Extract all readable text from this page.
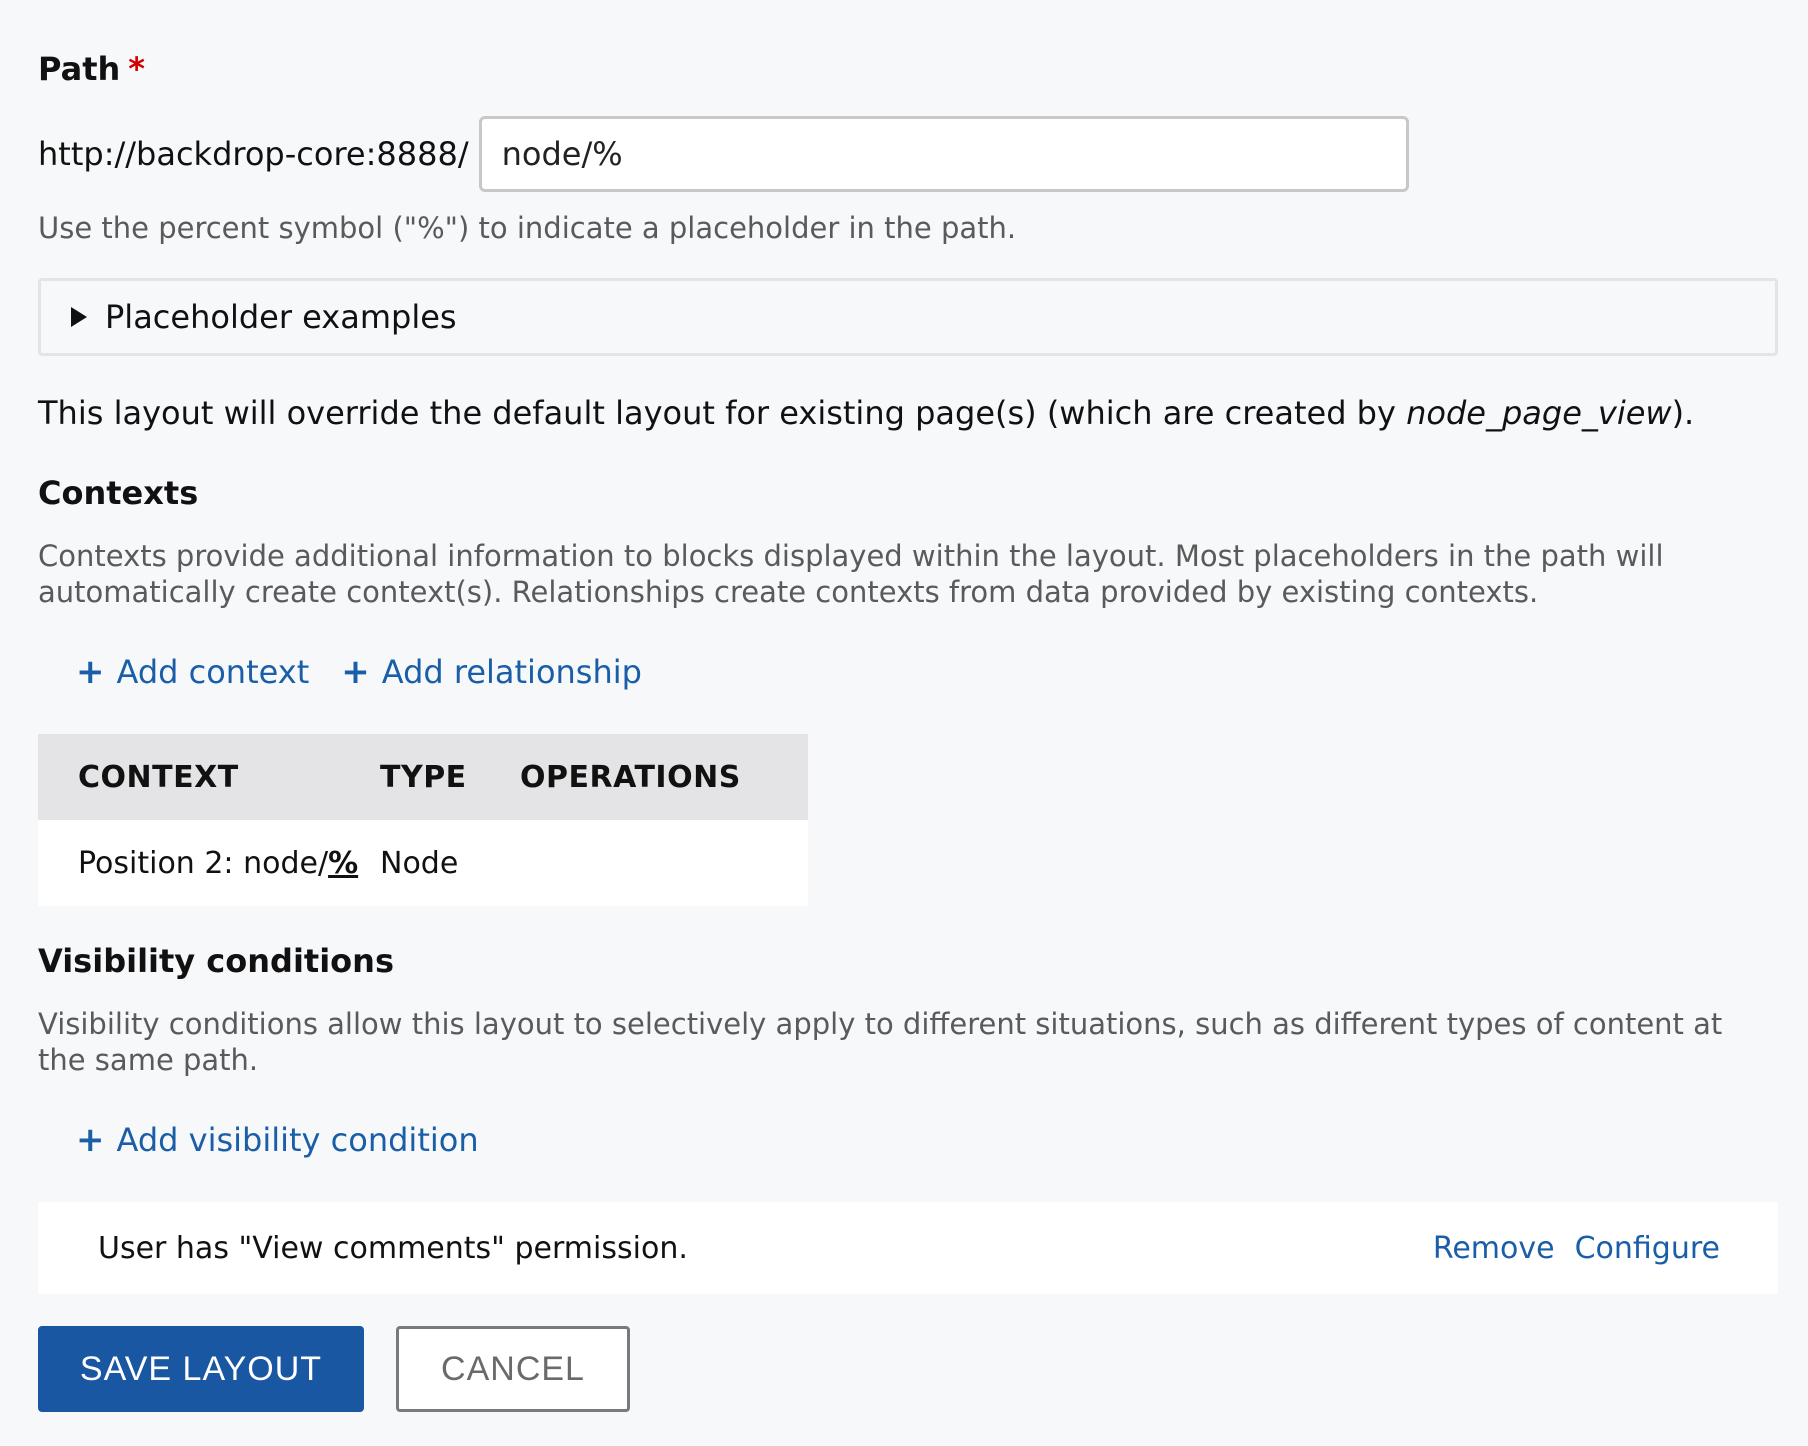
Path *
http://backdrop-core:8888/
node/%
Use the percent symbol ("%") to indicate a placeholder in the path.
Placeholder examples
This layout will override the default layout for existing page(s) (which are created by node_page_view).
Contexts
Contexts provide additional information to blocks displayed within the layout. Most placeholders in the path will automatically create context(s). Relationships create contexts from data provided by existing contexts.
+ Add context + Add relationship
CONTEXT	TYPE	OPERATIONS
Position 2: node/%	Node	
Visibility conditions
Visibility conditions allow this layout to selectively apply to different situations, such as different types of content at the same path.
+ Add visibility condition
User has "View comments" permission.	Remove Configure
SAVE LAYOUT	CANCEL
